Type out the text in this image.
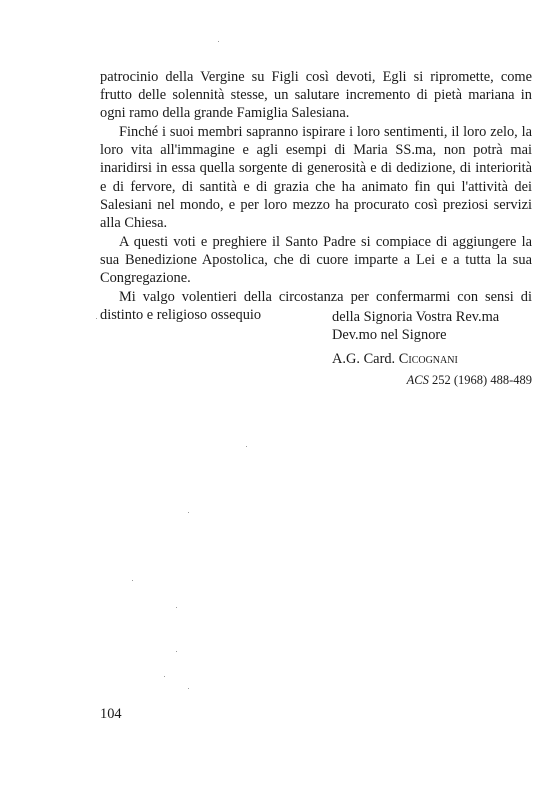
patrocinio della Vergine su Figli così devoti, Egli si ripromette, come frutto delle solennità stesse, un salutare incremento di pietà mariana in ogni ramo della grande Famiglia Salesiana.

Finché i suoi membri sapranno ispirare i loro sentimenti, il loro zelo, la loro vita all'immagine e agli esempi di Maria SS.ma, non potrà mai inaridirsi in essa quella sorgente di generosità e di dedizione, di interiorità e di fervore, di santità e di grazia che ha animato fin qui l'attività dei Salesiani nel mondo, e per loro mezzo ha procurato così preziosi servizi alla Chiesa.

A questi voti e preghiere il Santo Padre si compiace di aggiungere la sua Benedizione Apostolica, che di cuore imparte a Lei e a tutta la sua Congregazione.

Mi valgo volentieri della circostanza per confermarmi con sensi di distinto e religioso ossequio	della Signoria Vostra Rev.ma
Dev.mo nel Signore
A.G. Card. Cicognani
ACS 252 (1968) 488-489
104
